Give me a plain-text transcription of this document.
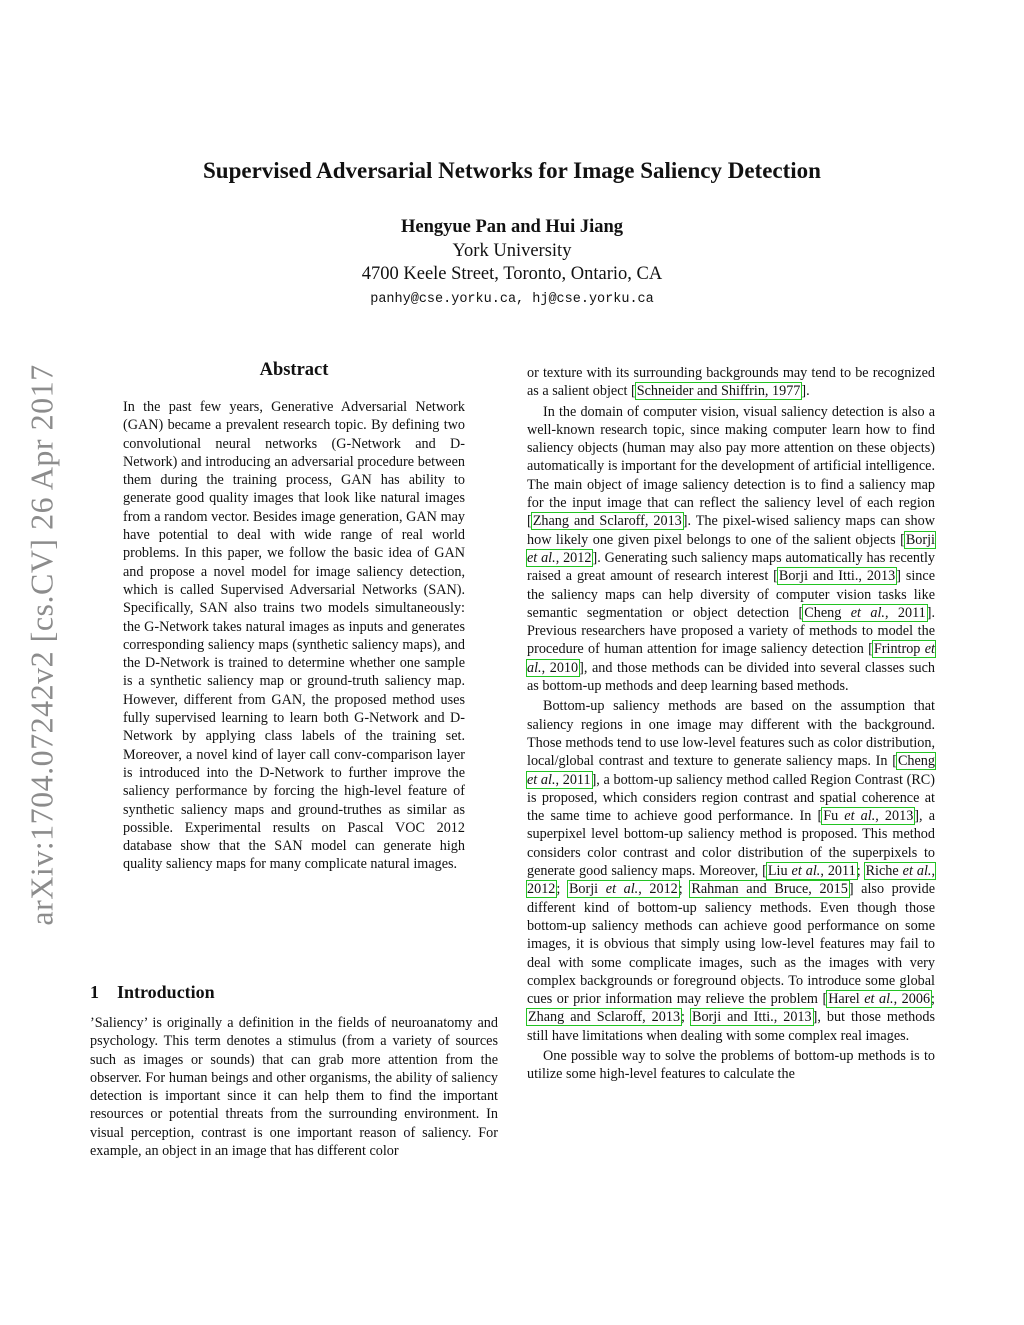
arXiv:1704.07242v2 [cs.CV] 26 Apr 2017
Supervised Adversarial Networks for Image Saliency Detection
Hengyue Pan and Hui Jiang
York University
4700 Keele Street, Toronto, Ontario, CA
panhy@cse.yorku.ca, hj@cse.yorku.ca
Abstract
In the past few years, Generative Adversarial Network (GAN) became a prevalent research topic. By defining two convolutional neural networks (G-Network and D-Network) and introducing an adversarial procedure between them during the training process, GAN has ability to generate good quality images that look like natural images from a random vector. Besides image generation, GAN may have potential to deal with wide range of real world problems. In this paper, we follow the basic idea of GAN and propose a novel model for image saliency detection, which is called Supervised Adversarial Networks (SAN). Specifically, SAN also trains two models simultaneously: the G-Network takes natural images as inputs and generates corresponding saliency maps (synthetic saliency maps), and the D-Network is trained to determine whether one sample is a synthetic saliency map or ground-truth saliency map. However, different from GAN, the proposed method uses fully supervised learning to learn both G-Network and D-Network by applying class labels of the training set. Moreover, a novel kind of layer call conv-comparison layer is introduced into the D-Network to further improve the saliency performance by forcing the high-level feature of synthetic saliency maps and ground-truthes as similar as possible. Experimental results on Pascal VOC 2012 database show that the SAN model can generate high quality saliency maps for many complicate natural images.
1 Introduction

’Saliency’ is originally a definition in the fields of neuroanatomy and psychology. This term denotes a stimulus (from a variety of sources such as images or sounds) that can grab more attention from the observer. For human beings and other organisms, the ability of saliency detection is important since it can help them to find the important resources or potential threats from the surrounding environment. In visual perception, contrast is one important reason of saliency. For example, an object in an image that has different color

or texture with its surrounding backgrounds may tend to be recognized as a salient object [Schneider and Shiffrin, 1977].

In the domain of computer vision, visual saliency detection is also a well-known research topic, since making computer learn how to find saliency objects (human may also pay more attention on these objects) automatically is important for the development of artificial intelligence. The main object of image saliency detection is to find a saliency map for the input image that can reflect the saliency level of each region [Zhang and Sclaroff, 2013]. The pixel-wised saliency maps can show how likely one given pixel belongs to one of the salient objects [Borji et al., 2012]. Generating such saliency maps automatically has recently raised a great amount of research interest [Borji and Itti., 2013] since the saliency maps can help diversity of computer vision tasks like semantic segmentation or object detection [Cheng et al., 2011]. Previous researchers have proposed a variety of methods to model the procedure of human attention for image saliency detection [Frintrop et al., 2010], and those methods can be divided into several classes such as bottom-up methods and deep learning based methods.

Bottom-up saliency methods are based on the assumption that saliency regions in one image may different with the background. Those methods tend to use low-level features such as color distribution, local/global contrast and texture to generate saliency maps. In [Cheng et al., 2011], a bottom-up saliency method called Region Contrast (RC) is proposed, which considers region contrast and spatial coherence at the same time to achieve good performance. In [Fu et al., 2013], a superpixel level bottom-up saliency method is proposed. This method considers color contrast and color distribution of the superpixels to generate good saliency maps. Moreover, [Liu et al., 2011; Riche et al., 2012; Borji et al., 2012; Rahman and Bruce, 2015] also provide different kind of bottom-up saliency methods. Even though those bottom-up saliency methods can achieve good performance on some images, it is obvious that simply using low-level features may fail to deal with some complicate images, such as the images with very complex backgrounds or foreground objects. To introduce some global cues or prior information may relieve the problem [Harel et al., 2006; Zhang and Sclaroff, 2013; Borji and Itti., 2013], but those methods still have limitations when dealing with some complex real images.

One possible way to solve the problems of bottom-up methods is to utilize some high-level features to calculate the
